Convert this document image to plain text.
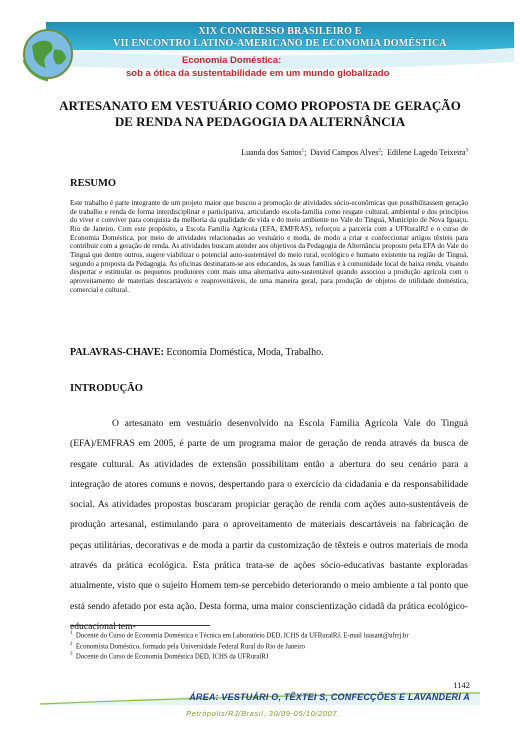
XIX CONGRESSO BRASILEIRO E
VII ENCONTRO LATINO-AMERICANO DE ECONOMIA DOMÉSTICA
Economia Doméstica:
sob a ótica da sustentabilidade em um mundo globalizado
ARTESANATO EM VESTUÁRIO COMO PROPOSTA DE GERAÇÃO
DE RENDA NA PEDAGOGIA DA ALTERNÂNCIA
Luanda dos Santos$^1$;  David Campos Alves$^2$;  Edilene Lagedo Teixeira$^3$
RESUMO

Este trabalho é parte integrante de um projeto maior que buscou a promoção de atividades sócio-econômicas que possibilitassem geração de trabalho e renda de forma interdisciplinar e participativa, articulando escola-família como resgate cultural, ambiental e dos princípios do viver e conviver para conquista da melhoria da qualidade de vida e do meio ambiente no Vale do Tinguá, Município de Nova Iguaçu, Rio de Janeiro. Com este propósito, a Escola Família Agrícola (EFA, EMFRAS), reforçou a parceria com a UFRuralRJ e o curso de Economia Doméstica, por meio de atividades relacionadas ao vestuário e moda, de modo a criar e confeccionar artigos têxteis para contribuir com a geração de renda. As atividades buscam atender aos objetivos da Pedagogia de Alternância proposto pela EFA do Vale do Tinguá que dentre outros, sugere viabilizar o potencial auto-sustentável do meio rural, ecológico e humano existente na região de Tinguá, segundo a proposta da Pedagogia. As oficinas destinaram-se aos educandos, às suas famílias e à comunidade local de baixa renda, visando despertar e estimular os pequenos produtores com mais uma alternativa auto-sustentável quando associou a produção agrícola com o aproveitamento de materiais descartáveis e reaproveitáveis, de uma maneira geral, para produção de objetos de utilidade doméstica, comercial e cultural.

PALAVRAS-CHAVE: Economia Doméstica, Moda, Trabalho.
INTRODUÇÃO

O artesanato em vestuário desenvolvido na Escola Família Agrícola Vale do Tinguá (EFA)/EMFRAS em 2005, é parte de um programa maior de geração de renda através da busca de resgate cultural. As atividades de extensão possibilitam então a abertura do seu cenário para a integração de atores comuns e novos, despertando para o exercício da cidadania e da responsabilidade social. As atividades propostas buscaram propiciar geração de renda com ações auto-sustentáveis de produção artesanal, estimulando para o aproveitamento de materiais descartáveis na fabricação de peças utilitárias, decorativas e de moda a partir da customização de têxteis e outros materiais de moda através da prática ecológica. Esta prática trata-se de ações sócio-educativas bastante exploradas atualmente, visto que o sujeito Homem tem-se percebido deteriorando o meio ambiente a tal ponto que está sendo afetado por esta ação. Desta forma, uma maior conscientização cidadã da prática ecológico-educacional tem-

$^1$ Docente do Curso de Economia Doméstica e Técnica em Laboratório DED, ICHS da UFRuralRJ, E-mail luasant@ufrrj.br
$^2$ Economista Doméstico, formado pela Universidade Federal Rural do Rio de Janeiro
$^3$ Docente do Curso de Economia Doméstica DED, ICHS da UFRuralRJ
1142
ÁREA: VESTUÁRI O, TÊXTEI S, CONFECÇÕES E LAVANDERI A
Petrópolis/RJ/Brasil, 30/09-05/10/2007.
